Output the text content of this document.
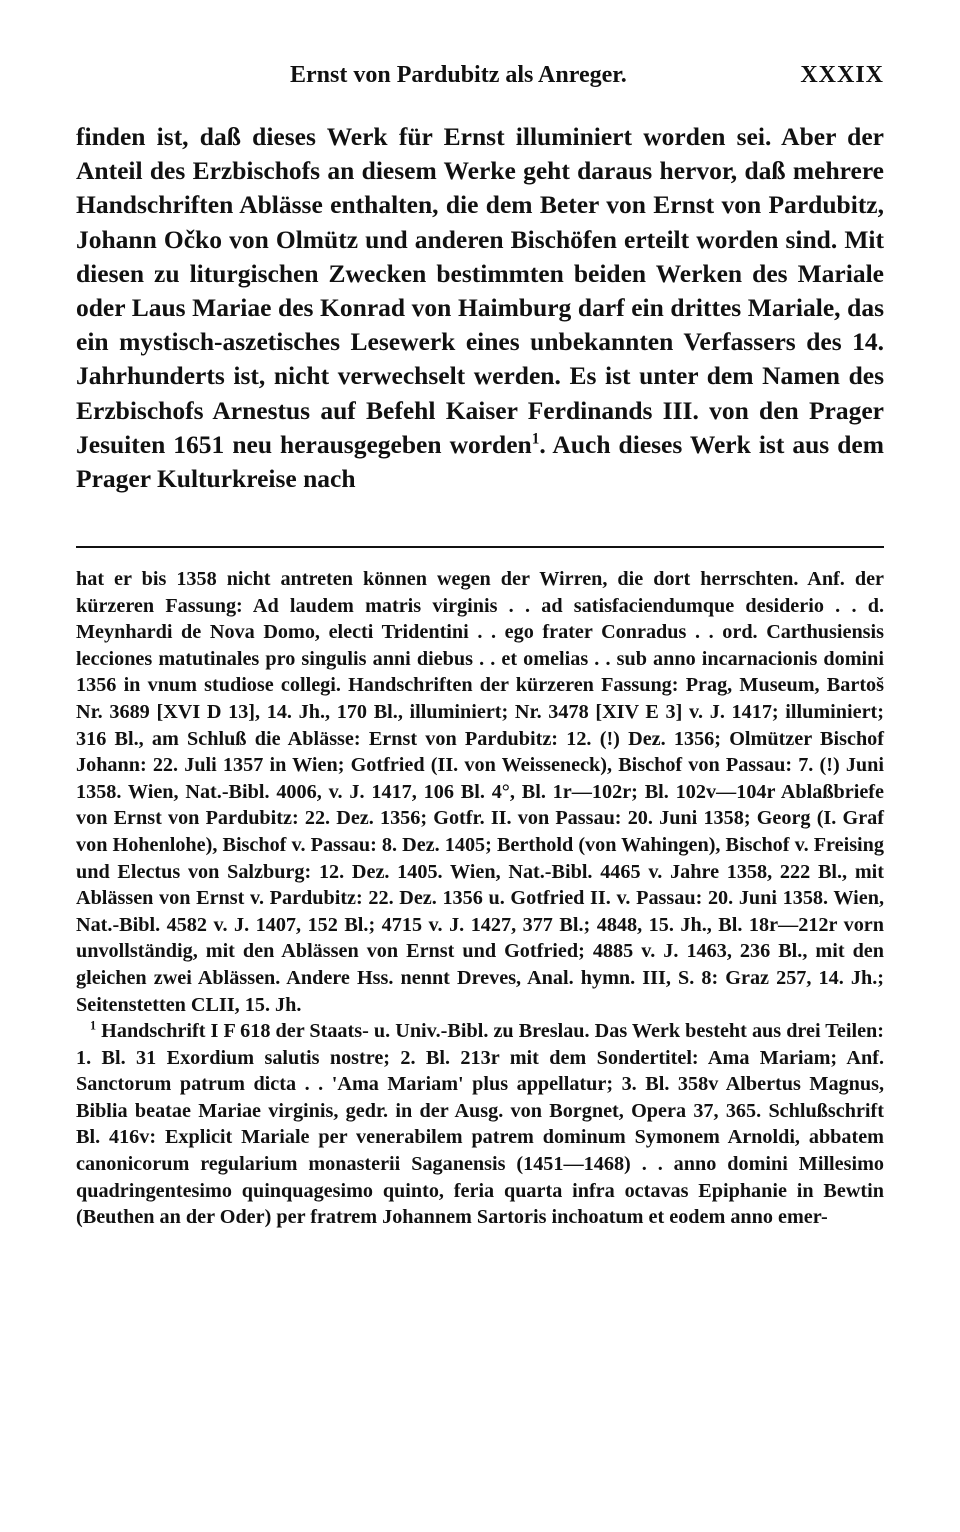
Ernst von Pardubitz als Anreger.	XXXIX

finden ist, daß dieses Werk für Ernst illuminiert worden sei. Aber der Anteil des Erzbischofs an diesem Werke geht daraus hervor, daß mehrere Handschriften Ablässe enthalten, die dem Beter von Ernst von Pardubitz, Johann Očko von Olmütz und anderen Bischöfen erteilt worden sind. Mit diesen zu liturgischen Zwecken bestimmten beiden Werken des Mariale oder Laus Mariae des Konrad von Haimburg darf ein drittes Mariale, das ein mystisch-aszetisches Lesewerk eines unbekannten Verfassers des 14. Jahrhunderts ist, nicht verwechselt werden. Es ist unter dem Namen des Erzbischofs Arnestus auf Befehl Kaiser Ferdinands III. von den Prager Jesuiten 1651 neu herausgegeben worden$^1$. Auch dieses Werk ist aus dem Prager Kulturkreise nach

hat er bis 1358 nicht antreten können wegen der Wirren, die dort herrschten. Anf. der kürzeren Fassung: Ad laudem matris virginis . . ad satisfaciendumque desiderio . . d. Meynhardi de Nova Domo, electi Tridentini . . ego frater Conradus . . ord. Carthusiensis lecciones matutinales pro singulis anni diebus . . et omelias . . sub anno incarnacionis domini 1356 in vnum studiose collegi. Handschriften der kürzeren Fassung: Prag, Museum, Bartoš Nr. 3689 [XVI D 13], 14. Jh., 170 Bl., illuminiert; Nr. 3478 [XIV E 3] v. J. 1417; illuminiert; 316 Bl., am Schluß die Ablässe: Ernst von Pardubitz: 12. (!) Dez. 1356; Olmützer Bischof Johann: 22. Juli 1357 in Wien; Gotfried (II. von Weisseneck), Bischof von Passau: 7. (!) Juni 1358. Wien, Nat.-Bibl. 4006, v. J. 1417, 106 Bl. 4°, Bl. 1r—102r; Bl. 102v—104r Ablaßbriefe von Ernst von Pardubitz: 22. Dez. 1356; Gotfr. II. von Passau: 20. Juni 1358; Georg (I. Graf von Hohenlohe), Bischof v. Passau: 8. Dez. 1405; Berthold (von Wahingen), Bischof v. Freising und Electus von Salzburg: 12. Dez. 1405. Wien, Nat.-Bibl. 4465 v. Jahre 1358, 222 Bl., mit Ablässen von Ernst v. Pardubitz: 22. Dez. 1356 u. Gotfried II. v. Passau: 20. Juni 1358. Wien, Nat.-Bibl. 4582 v. J. 1407, 152 Bl.; 4715 v. J. 1427, 377 Bl.; 4848, 15. Jh., Bl. 18r—212r vorn unvollständig, mit den Ablässen von Ernst und Gotfried; 4885 v. J. 1463, 236 Bl., mit den gleichen zwei Ablässen. Andere Hss. nennt Dreves, Anal. hymn. III, S. 8: Graz 257, 14. Jh.; Seitenstetten CLII, 15. Jh.

$^1$ Handschrift I F 618 der Staats- u. Univ.-Bibl. zu Breslau. Das Werk besteht aus drei Teilen: 1. Bl. 31 Exordium salutis nostre; 2. Bl. 213r mit dem Sondertitel: Ama Mariam; Anf. Sanctorum patrum dicta . . 'Ama Mariam' plus appellatur; 3. Bl. 358v Albertus Magnus, Biblia beatae Mariae virginis, gedr. in der Ausg. von Borgnet, Opera 37, 365. Schlußschrift Bl. 416v: Explicit Mariale per venerabilem patrem dominum Symonem Arnoldi, abbatem canonicorum regularium monasterii Saganensis (1451—1468) . . anno domini Millesimo quadringentesimo quinquagesimo quinto, feria quarta infra octavas Epiphanie in Bewtin (Beuthen an der Oder) per fratrem Johannem Sartoris inchoatum et eodem anno emer-
